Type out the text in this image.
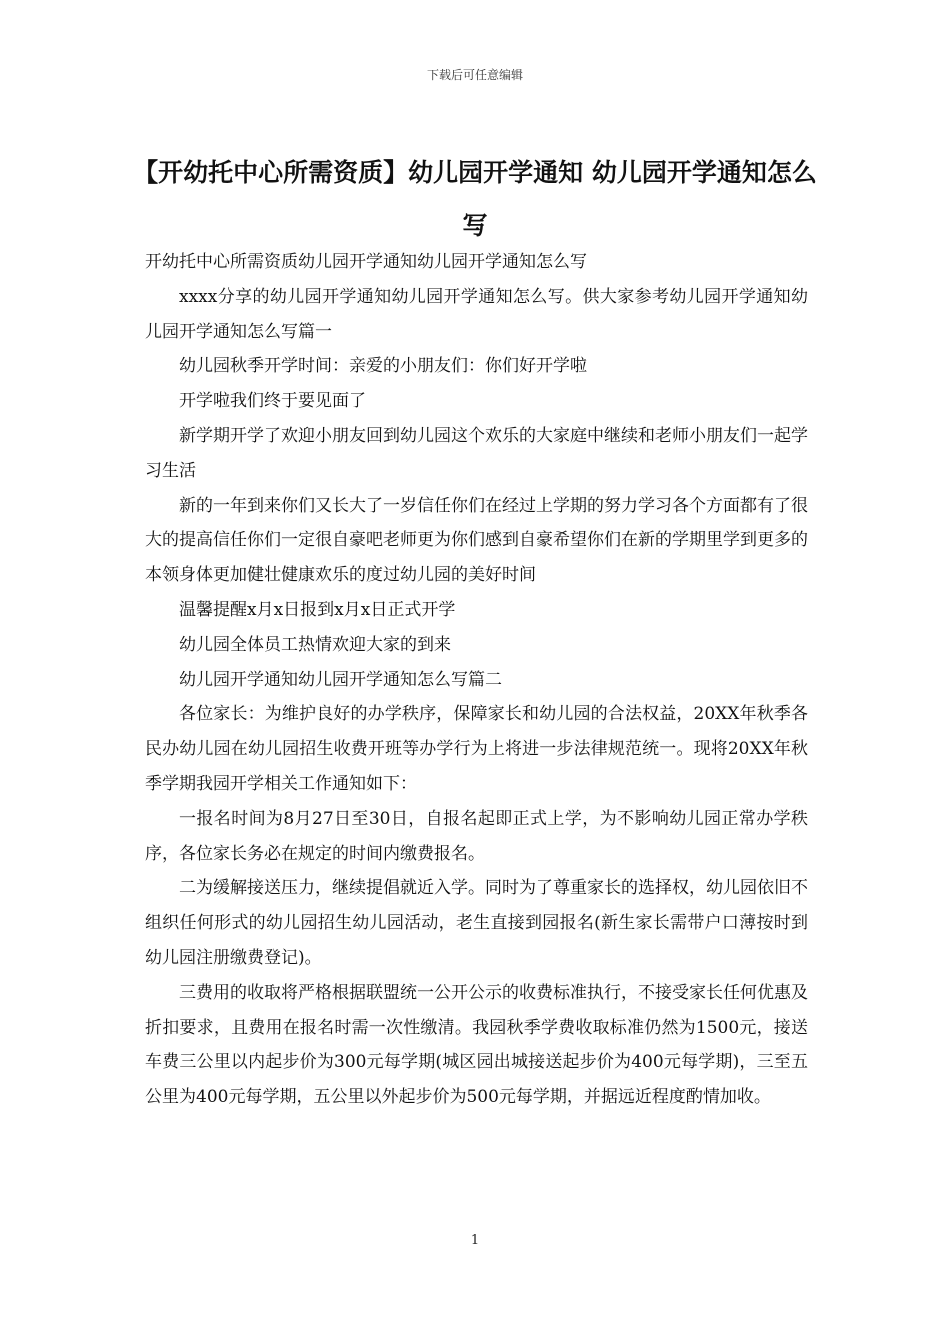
下载后可任意编辑
【开幼托中心所需资质】幼儿园开学通知 幼儿园开学通知怎么写

开幼托中心所需资质幼儿园开学通知幼儿园开学通知怎么写

xxxx分享的幼儿园开学通知幼儿园开学通知怎么写。供大家参考幼儿园开学通知幼儿园开学通知怎么写篇一

幼儿园秋季开学时间：亲爱的小朋友们：你们好开学啦

开学啦我们终于要见面了

新学期开学了欢迎小朋友回到幼儿园这个欢乐的大家庭中继续和老师小朋友们一起学习生活

新的一年到来你们又长大了一岁信任你们在经过上学期的努力学习各个方面都有了很大的提高信任你们一定很自豪吧老师更为你们感到自豪希望你们在新的学期里学到更多的本领身体更加健壮健康欢乐的度过幼儿园的美好时间

温馨提醒x月x日报到x月x日正式开学

幼儿园全体员工热情欢迎大家的到来

幼儿园开学通知幼儿园开学通知怎么写篇二

各位家长：为维护良好的办学秩序，保障家长和幼儿园的合法权益，20XX年秋季各民办幼儿园在幼儿园招生收费开班等办学行为上将进一步法律规范统一。现将20XX年秋季学期我园开学相关工作通知如下：

一报名时间为8月27日至30日，自报名起即正式上学，为不影响幼儿园正常办学秩序，各位家长务必在规定的时间内缴费报名。

二为缓解接送压力，继续提倡就近入学。同时为了尊重家长的选择权，幼儿园依旧不组织任何形式的幼儿园招生幼儿园活动，老生直接到园报名(新生家长需带户口薄按时到幼儿园注册缴费登记)。

三费用的收取将严格根据联盟统一公开公示的收费标准执行，不接受家长任何优惠及折扣要求，且费用在报名时需一次性缴清。我园秋季学费收取标准仍然为1500元，接送车费三公里以内起步价为300元每学期(城区园出城接送起步价为400元每学期)，三至五公里为400元每学期，五公里以外起步价为500元每学期，并据远近程度酌情加收。

1
